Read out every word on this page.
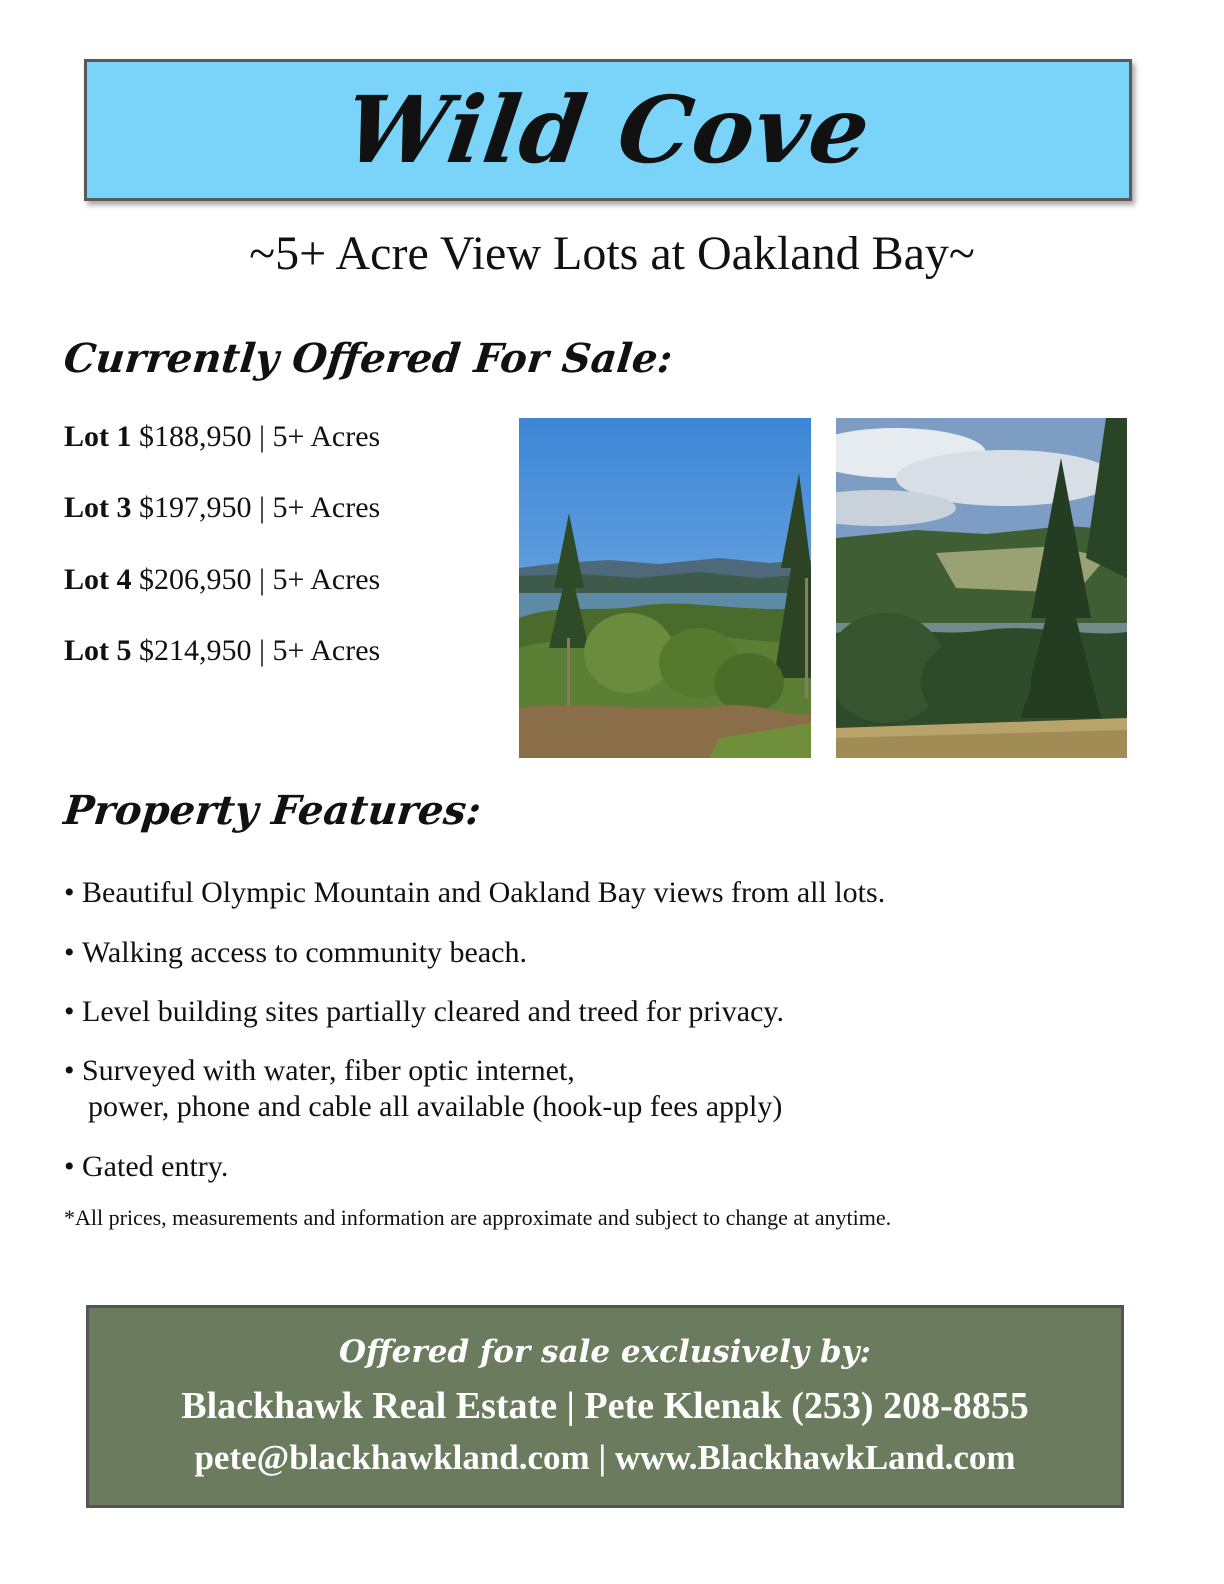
Wild Cove

~5+ Acre View Lots at Oakland Bay~

Currently Offered For Sale:
Lot 1 $188,950 | 5+ Acres
Lot 3 $197,950 | 5+ Acres
Lot 4 $206,950 | 5+ Acres
Lot 5 $214,950 | 5+ Acres
Property Features:
• Beautiful Olympic Mountain and Oakland Bay views from all lots.
• Walking access to community beach.
• Level building sites partially cleared and treed for privacy.
• Surveyed with water, fiber optic internet,
power, phone and cable all available (hook-up fees apply)
• Gated entry.

*All prices, measurements and information are approximate and subject to change at anytime.

Offered for sale exclusively by:

Blackhawk Real Estate | Pete Klenak (253) 208-8855

pete@blackhawkland.com | www.BlackhawkLand.com
